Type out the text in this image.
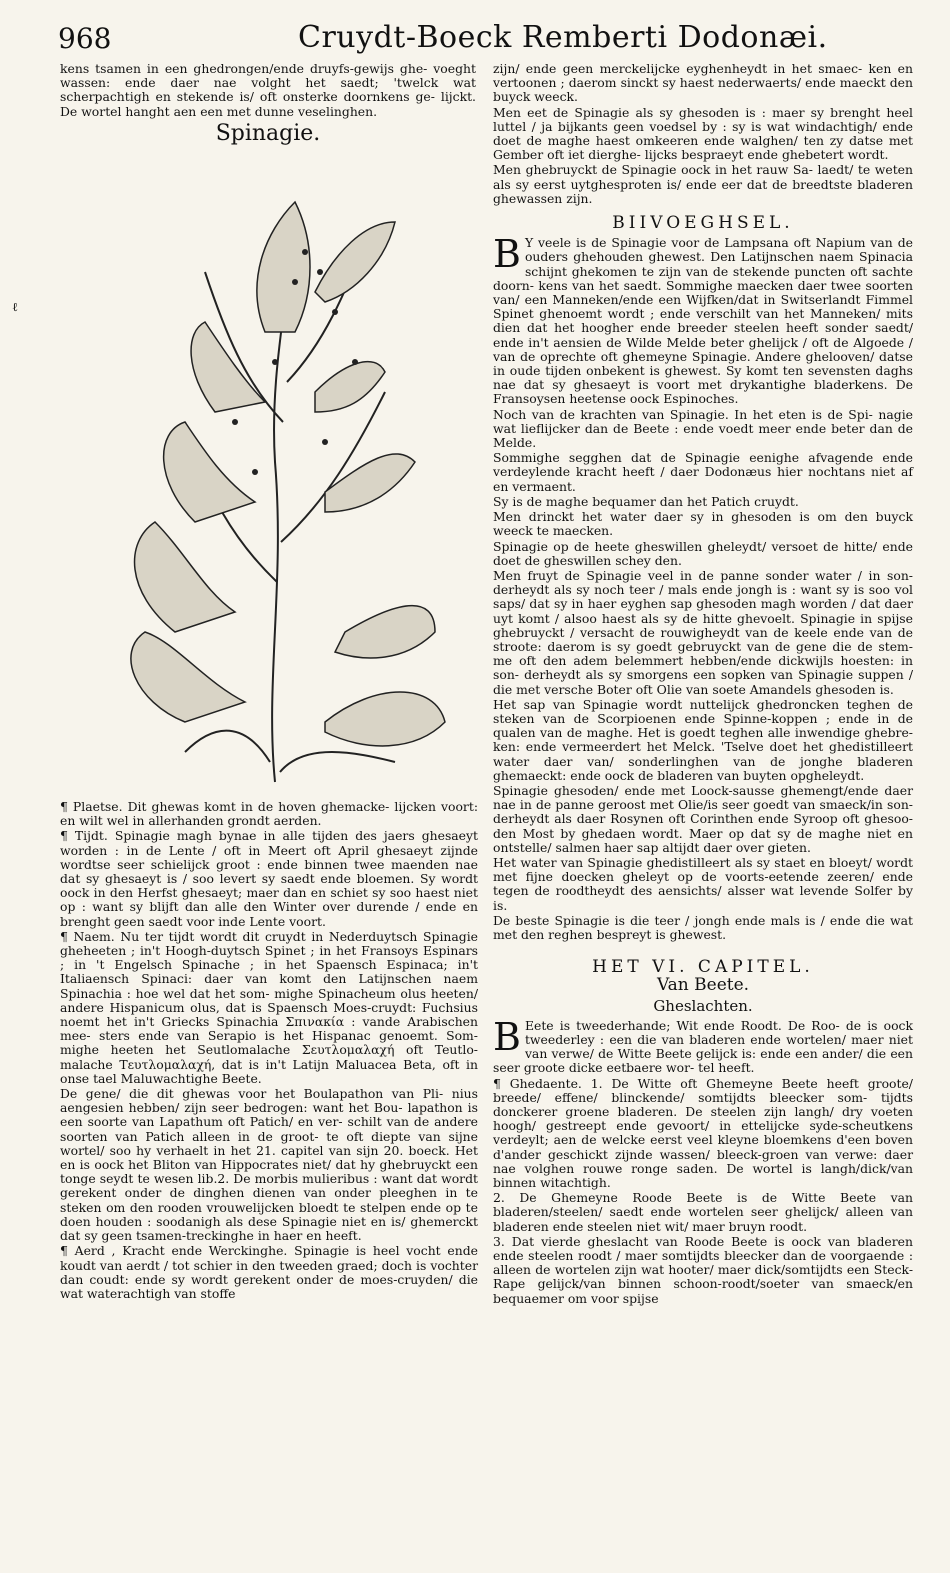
968	Cruydt-Boeck Remberti Dodonæi.
ℓ

kens tsamen in een ghedrongen/ende druyfs-gewijs ghe- voeght wassen: ende daer nae volght het saedt; 'twelck wat scherpachtigh en stekende is/ oft onsterke doornkens ge- lijckt. De wortel hanght aen een met dunne veselinghen.

Spinagie.

¶ Plaetse. Dit ghewas komt in de hoven ghemacke- lijcken voort: en wilt wel in allerhanden grondt aerden.

¶ Tijdt. Spinagie magh bynae in alle tijden des jaers ghesaeyt worden : in de Lente / oft in Meert oft April ghesaeyt zijnde wordtse seer schielijck groot : ende binnen twee maenden nae dat sy ghesaeyt is / soo levert sy saedt ende bloemen. Sy wordt oock in den Herfst ghesaeyt; maer dan en schiet sy soo haest niet op : want sy blijft dan alle den Winter over durende / ende en brenght geen saedt voor inde Lente voort.

¶ Naem. Nu ter tijdt wordt dit cruydt in Nederduytsch Spinagie gheheeten ; in't Hoogh-duytsch Spinet ; in het Fransoys Espinars ; in 't Engelsch Spinache ; in het Spaensch Espinaca; in't Italiaensch Spinaci: daer van komt den Latijnschen naem Spinachia : hoe wel dat het som- mighe Spinacheum olus heeten/ andere Hispanicum olus, dat is Spaensch Moes-cruydt: Fuchsius noemt het in't Griecks Spinachia Σπινακία : vande Arabischen mee- sters ende van Serapio is het Hispanac genoemt. Som- mighe heeten het Seutlomalache Σευτλομαλαχή oft Teutlo- malache Τευτλομαλαχή, dat is in't Latijn Maluacea Beta, oft in onse tael Maluwachtighe Beete.

De gene/ die dit ghewas voor het Boulapathon van Pli- nius aengesien hebben/ zijn seer bedrogen: want het Bou- lapathon is een soorte van Lapathum oft Patich/ en ver- schilt van de andere soorten van Patich alleen in de groot- te oft diepte van sijne wortel/ soo hy verhaelt in het 21. capitel van sijn 20. boeck. Het en is oock het Bliton van Hippocrates niet/ dat hy ghebruyckt een tonge seydt te wesen lib.2. De morbis mulieribus : want dat wordt gerekent onder de dinghen dienen van onder pleeghen in te steken om den rooden vrouwelijcken bloedt te stelpen ende op te doen houden : soodanigh als dese Spinagie niet en is/ ghemerckt dat sy geen tsamen-treckinghe in haer en heeft.

¶ Aerd , Kracht ende Werckinghe. Spinagie is heel vocht ende koudt van aerdt / tot schier in den tweeden graed; doch is vochter dan coudt: ende sy wordt gerekent onder de moes-cruyden/ die wat waterachtigh van stoffe

zijn/ ende geen merckelijcke eyghenheydt in het smaec- ken en vertoonen ; daerom sinckt sy haest nederwaerts/ ende maeckt den buyck weeck.

Men eet de Spinagie als sy ghesoden is : maer sy brenght heel luttel / ja bijkants geen voedsel by : sy is wat windachtigh/ ende doet de maghe haest omkeeren ende walghen/ ten zy datse met Gember oft iet dierghe- lijcks bespraeyt ende ghebetert wordt.

Men ghebruyckt de Spinagie oock in het rauw Sa- laedt/ te weten als sy eerst uytghesproten is/ ende eer dat de breedtste bladeren ghewassen zijn.

BIIVOEGHSEL.

B Y veele is de Spinagie voor de Lampsana oft Napium van de ouders ghehouden ghewest. Den Latijnschen naem Spinacia schijnt ghekomen te zijn van de stekende puncten oft sachte doorn- kens van het saedt. Sommighe maecken daer twee soorten van/ een Manneken/ende een Wijfken/dat in Switserlandt Fimmel Spinet ghenoemt wordt ; ende verschilt van het Manneken/ mits dien dat het hoogher ende breeder steelen heeft sonder saedt/ ende in't aensien de Wilde Melde beter ghelijck / oft de Algoede / van de oprechte oft ghemeyne Spinagie. Andere ghelooven/ datse in oude tijden onbekent is ghewest. Sy komt ten sevensten daghs nae dat sy ghesaeyt is voort met drykantighe bladerkens. De Fransoysen heetense oock Espinoches.

Noch van de krachten van Spinagie. In het eten is de Spi- nagie wat lieflijcker dan de Beete : ende voedt meer ende beter dan de Melde.

Sommighe segghen dat de Spinagie eenighe afvagende ende verdeylende kracht heeft / daer Dodonæus hier nochtans niet af en vermaent.

Sy is de maghe bequamer dan het Patich cruydt.

Men drinckt het water daer sy in ghesoden is om den buyck weeck te maecken.

Spinagie op de heete gheswillen gheleydt/ versoet de hitte/ ende doet de gheswillen schey den.

Men fruyt de Spinagie veel in de panne sonder water / in son- derheydt als sy noch teer / mals ende jongh is : want sy is soo vol saps/ dat sy in haer eyghen sap ghesoden magh worden / dat daer uyt komt / alsoo haest als sy de hitte ghevoelt. Spinagie in spijse ghebruyckt / versacht de rouwigheydt van de keele ende van de stroote: daerom is sy goedt gebruyckt van de gene die de stem- me oft den adem belemmert hebben/ende dickwijls hoesten: in son- derheydt als sy smorgens een sopken van Spinagie suppen / die met versche Boter oft Olie van soete Amandels ghesoden is.

Het sap van Spinagie wordt nuttelijck ghedroncken teghen de steken van de Scorpioenen ende Spinne-koppen ; ende in de qualen van de maghe. Het is goedt teghen alle inwendige ghebre- ken: ende vermeerdert het Melck. 'Tselve doet het ghedistilleert water daer van/ sonderlinghen van de jonghe bladeren ghemaeckt: ende oock de bladeren van buyten opgheleydt.

Spinagie ghesoden/ ende met Loock-sausse ghemengt/ende daer nae in de panne geroost met Olie/is seer goedt van smaeck/in son- derheydt als daer Rosynen oft Corinthen ende Syroop oft ghesoo- den Most by ghedaen wordt. Maer op dat sy de maghe niet en ontstelle/ salmen haer sap altijdt daer over gieten.

Het water van Spinagie ghedistilleert als sy staet en bloeyt/ wordt met fijne doecken gheleyt op de voorts-eetende zeeren/ ende tegen de roodtheydt des aensichts/ alsser wat levende Solfer by is.

De beste Spinagie is die teer / jongh ende mals is / ende die wat met den reghen bespreyt is ghewest.

HET VI. CAPITEL.
Van Beete.
Gheslachten.

B Eete is tweederhande; Wit ende Roodt. De Roo- de is oock tweederley : een die van bladeren ende wortelen/ maer niet van verwe/ de Witte Beete gelijck is: ende een ander/ die een seer groote dicke eetbaere wor- tel heeft.

¶ Ghedaente. 1. De Witte oft Ghemeyne Beete heeft groote/ breede/ effene/ blinckende/ somtijdts bleecker som- tijdts donckerer groene bladeren. De steelen zijn langh/ dry voeten hoogh/ gestreept ende gevoort/ in ettelijcke syde-scheutkens verdeylt; aen de welcke eerst veel kleyne bloemkens d'een boven d'ander geschickt zijnde wassen/ bleeck-groen van verwe: daer nae volghen rouwe ronge saden. De wortel is langh/dick/van binnen witachtigh.

2. De Ghemeyne Roode Beete is de Witte Beete van bladeren/steelen/ saedt ende wortelen seer ghelijck/ alleen van bladeren ende steelen niet wit/ maer bruyn roodt.

3. Dat vierde gheslacht van Roode Beete is oock van bladeren ende steelen roodt / maer somtijdts bleecker dan de voorgaende : alleen de wortelen zijn wat hooter/ maer dick/somtijdts een Steck-Rape gelijck/van binnen schoon-roodt/soeter van smaeck/en bequaemer om voor spijse
